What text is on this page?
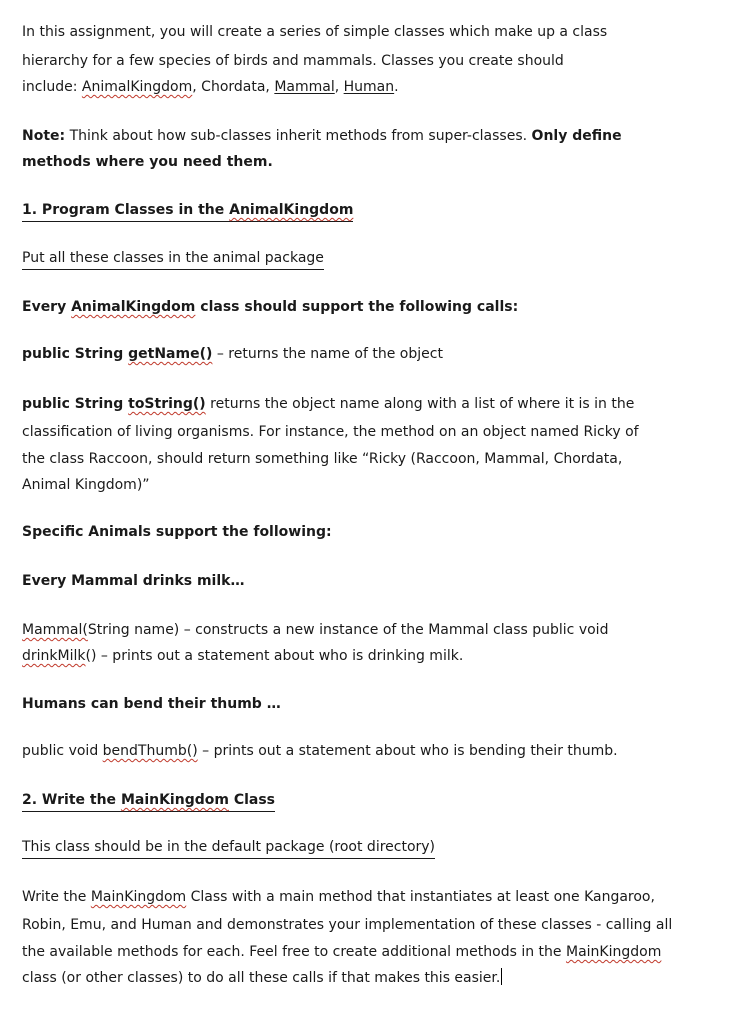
In this assignment, you will create a series of simple classes which make up a class
hierarchy for a few species of birds and mammals. Classes you create should
include: AnimalKingdom, Chordata, Mammal, Human.
Note: Think about how sub-classes inherit methods from super-classes. Only define
methods where you need them.
1. Program Classes in the AnimalKingdom
Put all these classes in the animal package
Every AnimalKingdom class should support the following calls:
public String getName() – returns the name of the object
public String toString() returns the object name along with a list of where it is in the
classification of living organisms. For instance, the method on an object named Ricky of
the class Raccoon, should return something like “Ricky (Raccoon, Mammal, Chordata,
Animal Kingdom)”
Specific Animals support the following:
Every Mammal drinks milk…
Mammal(String name) – constructs a new instance of the Mammal class public void
drinkMilk() – prints out a statement about who is drinking milk.
Humans can bend their thumb …
public void bendThumb() – prints out a statement about who is bending their thumb.
2. Write the MainKingdom Class
This class should be in the default package (root directory)
Write the MainKingdom Class with a main method that instantiates at least one Kangaroo,
Robin, Emu, and Human and demonstrates your implementation of these classes - calling all
the available methods for each. Feel free to create additional methods in the MainKingdom
class (or other classes) to do all these calls if that makes this easier.
